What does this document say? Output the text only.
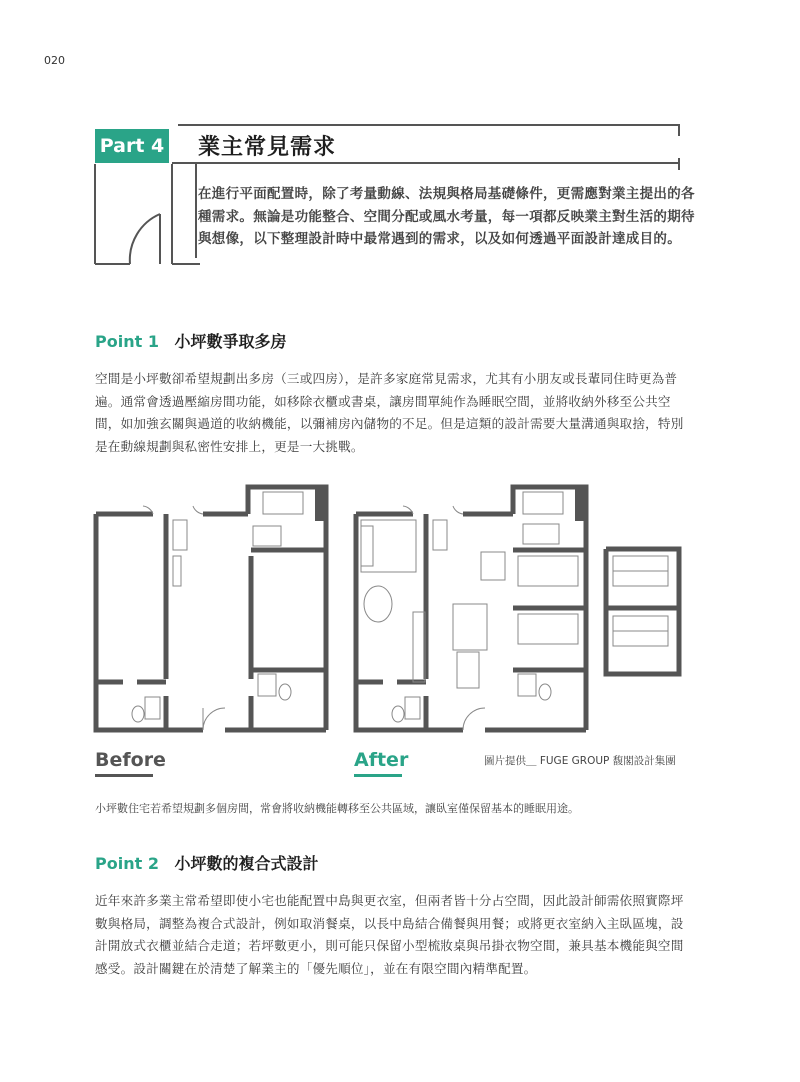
020
Part 4 業主常見需求
在進行平面配置時，除了考量動線、法規與格局基礎條件，更需應對業主提出的各種需求。無論是功能整合、空間分配或風水考量，每一項都反映業主對生活的期待與想像，以下整理設計時中最常遇到的需求，以及如何透過平面設計達成目的。
Point 1 小坪數爭取多房
空間是小坪數卻希望規劃出多房（三或四房），是許多家庭常見需求，尤其有小朋友或長輩同住時更為普遍。通常會透過壓縮房間功能，如移除衣櫃或書桌，讓房間單純作為睡眠空間，並將收納外移至公共空間，如加強玄關與過道的收納機能，以彌補房內儲物的不足。但是這類的設計需要大量溝通與取捨，特別是在動線規劃與私密性安排上，更是一大挑戰。
Before	After	圖片提供＿ FUGE GROUP 馥閣設計集團
小坪數住宅若希望規劃多個房間，常會將收納機能轉移至公共區域，讓臥室僅保留基本的睡眠用途。
Point 2 小坪數的複合式設計
近年來許多業主常希望即使小宅也能配置中島與更衣室，但兩者皆十分占空間，因此設計師需依照實際坪數與格局，調整為複合式設計，例如取消餐桌，以長中島結合備餐與用餐；或將更衣室納入主臥區塊，設計開放式衣櫃並結合走道；若坪數更小，則可能只保留小型梳妝桌與吊掛衣物空間，兼具基本機能與空間感受。設計關鍵在於清楚了解業主的「優先順位」，並在有限空間內精準配置。
